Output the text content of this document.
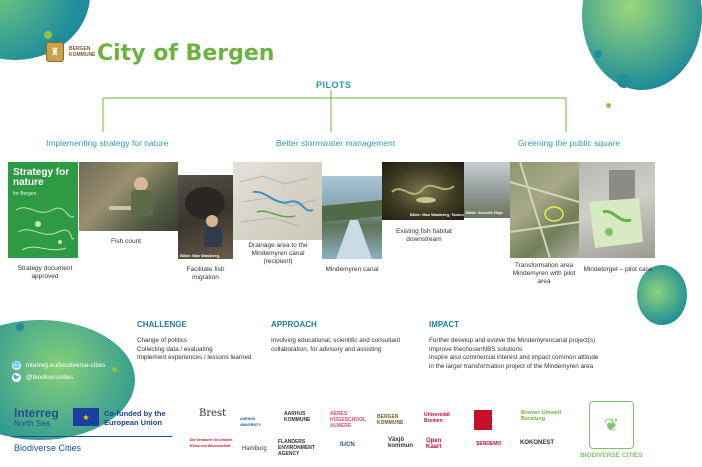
♜	BERGEN KOMMUNE City of Bergen
PILOTS
Implementing strategy for nature	Better stormwater management	Greening the public square
Strategy for nature
for Bergen
Bilde: Max Wasiberg, Tamco
Bilde: Max Wasiberg, Tamco Bilde: Annette Reju
Strategy document approved
Fish count
Facilitate fish migration
Drainage area to the Mindemyren canal (recipient)
Mindemyren canal
Existing fish habitat downstream
Transformation area Mindemyren with pilot area
Mindetorget – pilot case
CHALLENGE
Change of politics
Collecting data / evaluating
Implement experiences / lessons learned
APPROACH
Involving educational, scientific and consultant
collaboration, for advisory and assisting
IMPACT
Further develop and evolve the Mindemyrencanal project(s)
Improve thechosenNBS solutions
Inspire also commercial interest and impact common attitude
in the larger transformation project of the Mindemyren area
🌐 interreg.eu/biodiverse-cities
🐦 @biodiverscities
Interreg
North Sea
★	Co-funded by the European Union
Biodiverse Cities
Brest	AARHUS UNIVERSITY
AARHUS KOMMUNE
AERES HOGESCHOOL ALMERE
BERGEN KOMMUNE
Universität Bremen
Bremer Umwelt Beratung
Die Senatorin für Umwelt, Klima und Wissenschaft	Hamburg
FLANDERS ENVIRONMENT AGENCY
IUCN
Växjö kommun
Open Kaart	SENDEMO	KOKONEST
❦
BIODIVERSE CITIES
